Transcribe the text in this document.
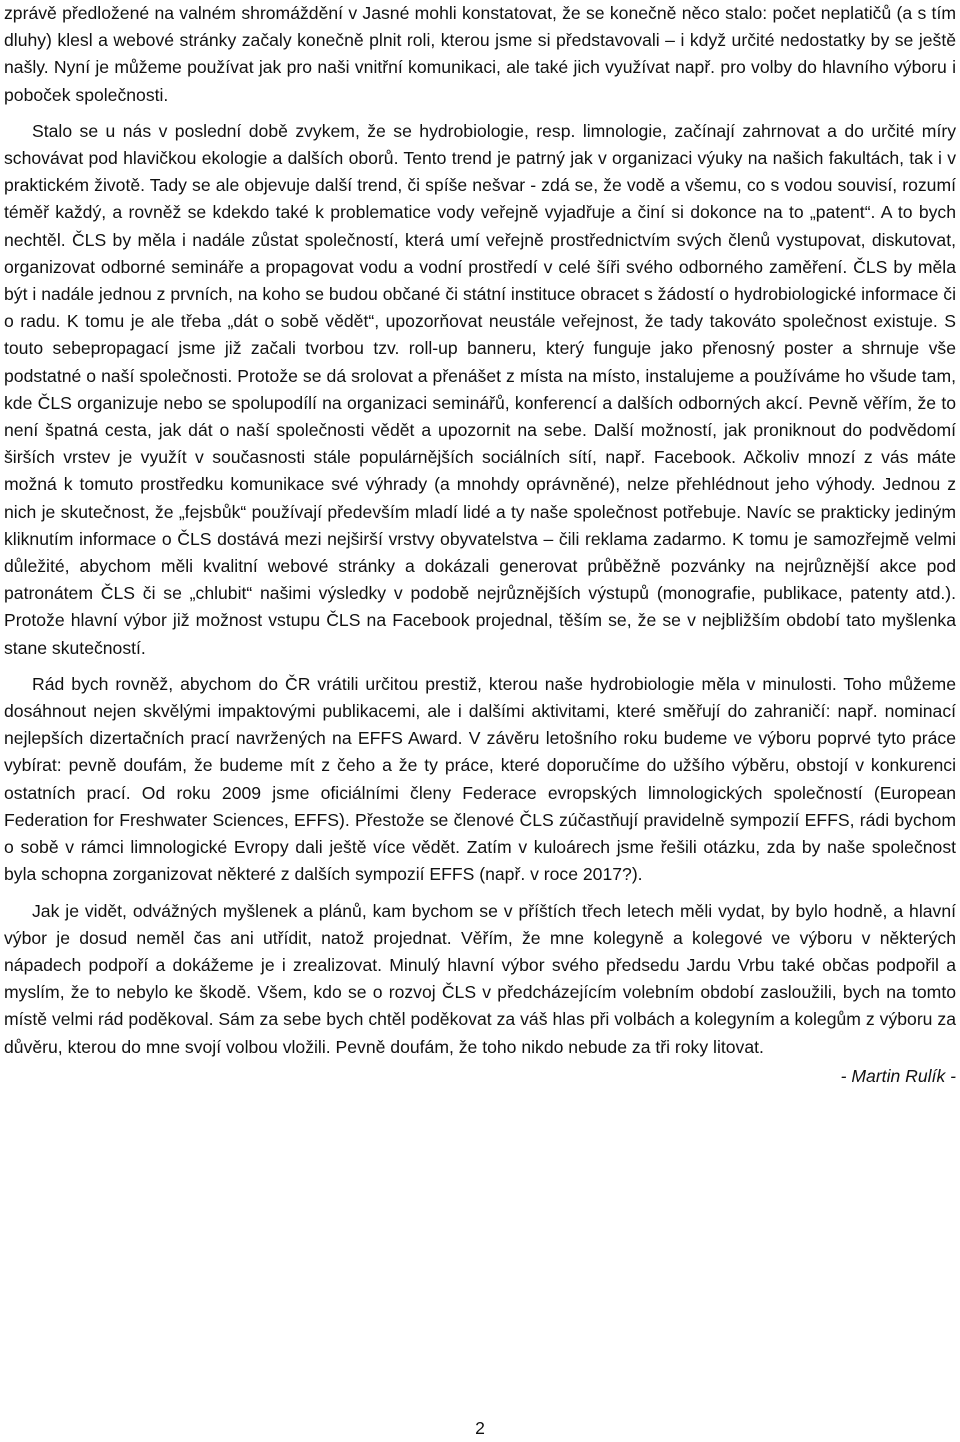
zprávě předložené na valném shromáždění v Jasné mohli konstatovat, že se konečně něco stalo: počet neplatičů (a s tím dluhy) klesl a webové stránky začaly konečně plnit roli, kterou jsme si představovali – i když určité nedostatky by se ještě našly. Nyní je můžeme používat jak pro naši vnitřní komunikaci, ale také jich využívat např. pro volby do hlavního výboru i poboček společnosti.

Stalo se u nás v poslední době zvykem, že se hydrobiologie, resp. limnologie, začínají zahrnovat a do určité míry schovávat pod hlavičkou ekologie a dalších oborů. Tento trend je patrný jak v organizaci výuky na našich fakultách, tak i v praktickém životě. Tady se ale objevuje další trend, či spíše nešvar - zdá se, že vodě a všemu, co s vodou souvisí, rozumí téměř každý, a rovněž se kdekdo také k problematice vody veřejně vyjadřuje a činí si dokonce na to „patent“. A to bych nechtěl. ČLS by měla i nadále zůstat společností, která umí veřejně prostřednictvím svých členů vystupovat, diskutovat, organizovat odborné semináře a propagovat vodu a vodní prostředí v celé šíři svého odborného zaměření. ČLS by měla být i nadále jednou z prvních, na koho se budou občané či státní instituce obracet s žádostí o hydrobiologické informace či o radu. K tomu je ale třeba „dát o sobě vědět“, upozorňovat neustále veřejnost, že tady takováto společnost existuje. S touto sebepropagací jsme již začali tvorbou tzv. roll-up banneru, který funguje jako přenosný poster a shrnuje vše podstatné o naší společnosti. Protože se dá srolovat a přenášet z místa na místo, instalujeme a používáme ho všude tam, kde ČLS organizuje nebo se spolupodílí na organizaci seminářů, konferencí a dalších odborných akcí. Pevně věřím, že to není špatná cesta, jak dát o naší společnosti vědět a upozornit na sebe. Další možností, jak proniknout do podvědomí širších vrstev je využít v současnosti stále populárnějších sociálních sítí, např. Facebook. Ačkoliv mnozí z vás máte možná k tomuto prostředku komunikace své výhrady (a mnohdy oprávněné), nelze přehlédnout jeho výhody. Jednou z nich je skutečnost, že „fejsbůk“ používají především mladí lidé a ty naše společnost potřebuje. Navíc se prakticky jediným kliknutím informace o ČLS dostává mezi nejširší vrstvy obyvatelstva – čili reklama zadarmo. K tomu je samozřejmě velmi důležité, abychom měli kvalitní webové stránky a dokázali generovat průběžně pozvánky na nejrůznější akce pod patronátem ČLS či se „chlubit“ našimi výsledky v podobě nejrůznějších výstupů (monografie, publikace, patenty atd.). Protože hlavní výbor již možnost vstupu ČLS na Facebook projednal, těším se, že se v nejbližším období tato myšlenka stane skutečností.

Rád bych rovněž, abychom do ČR vrátili určitou prestiž, kterou naše hydrobiologie měla v minulosti. Toho můžeme dosáhnout nejen skvělými impaktovými publikacemi, ale i dalšími aktivitami, které směřují do zahraničí: např. nominací nejlepších dizertačních prací navržených na EFFS Award. V závěru letošního roku budeme ve výboru poprvé tyto práce vybírat: pevně doufám, že budeme mít z čeho a že ty práce, které doporučíme do užšího výběru, obstojí v konkurenci ostatních prací. Od roku 2009 jsme oficiálními členy Federace evropských limnologických společností (European Federation for Freshwater Sciences, EFFS). Přestože se členové ČLS zúčastňují pravidelně sympozií EFFS, rádi bychom o sobě v rámci limnologické Evropy dali ještě více vědět. Zatím v kuloárech jsme řešili otázku, zda by naše společnost byla schopna zorganizovat některé z dalších sympozií EFFS (např. v roce 2017?).

Jak je vidět, odvážných myšlenek a plánů, kam bychom se v příštích třech letech měli vydat, by bylo hodně, a hlavní výbor je dosud neměl čas ani utřídit, natož projednat. Věřím, že mne kolegyně a kolegové ve výboru v některých nápadech podpoří a dokážeme je i zrealizovat. Minulý hlavní výbor svého předsedu Jardu Vrbu také občas podpořil a myslím, že to nebylo ke škodě. Všem, kdo se o rozvoj ČLS v předcházejícím volebním období zasloužili, bych na tomto místě velmi rád poděkoval. Sám za sebe bych chtěl poděkovat za váš hlas při volbách a kolegyním a kolegům z výboru za důvěru, kterou do mne svojí volbou vložili. Pevně doufám, že toho nikdo nebude za tři roky litovat.

- Martin Rulík -

2
